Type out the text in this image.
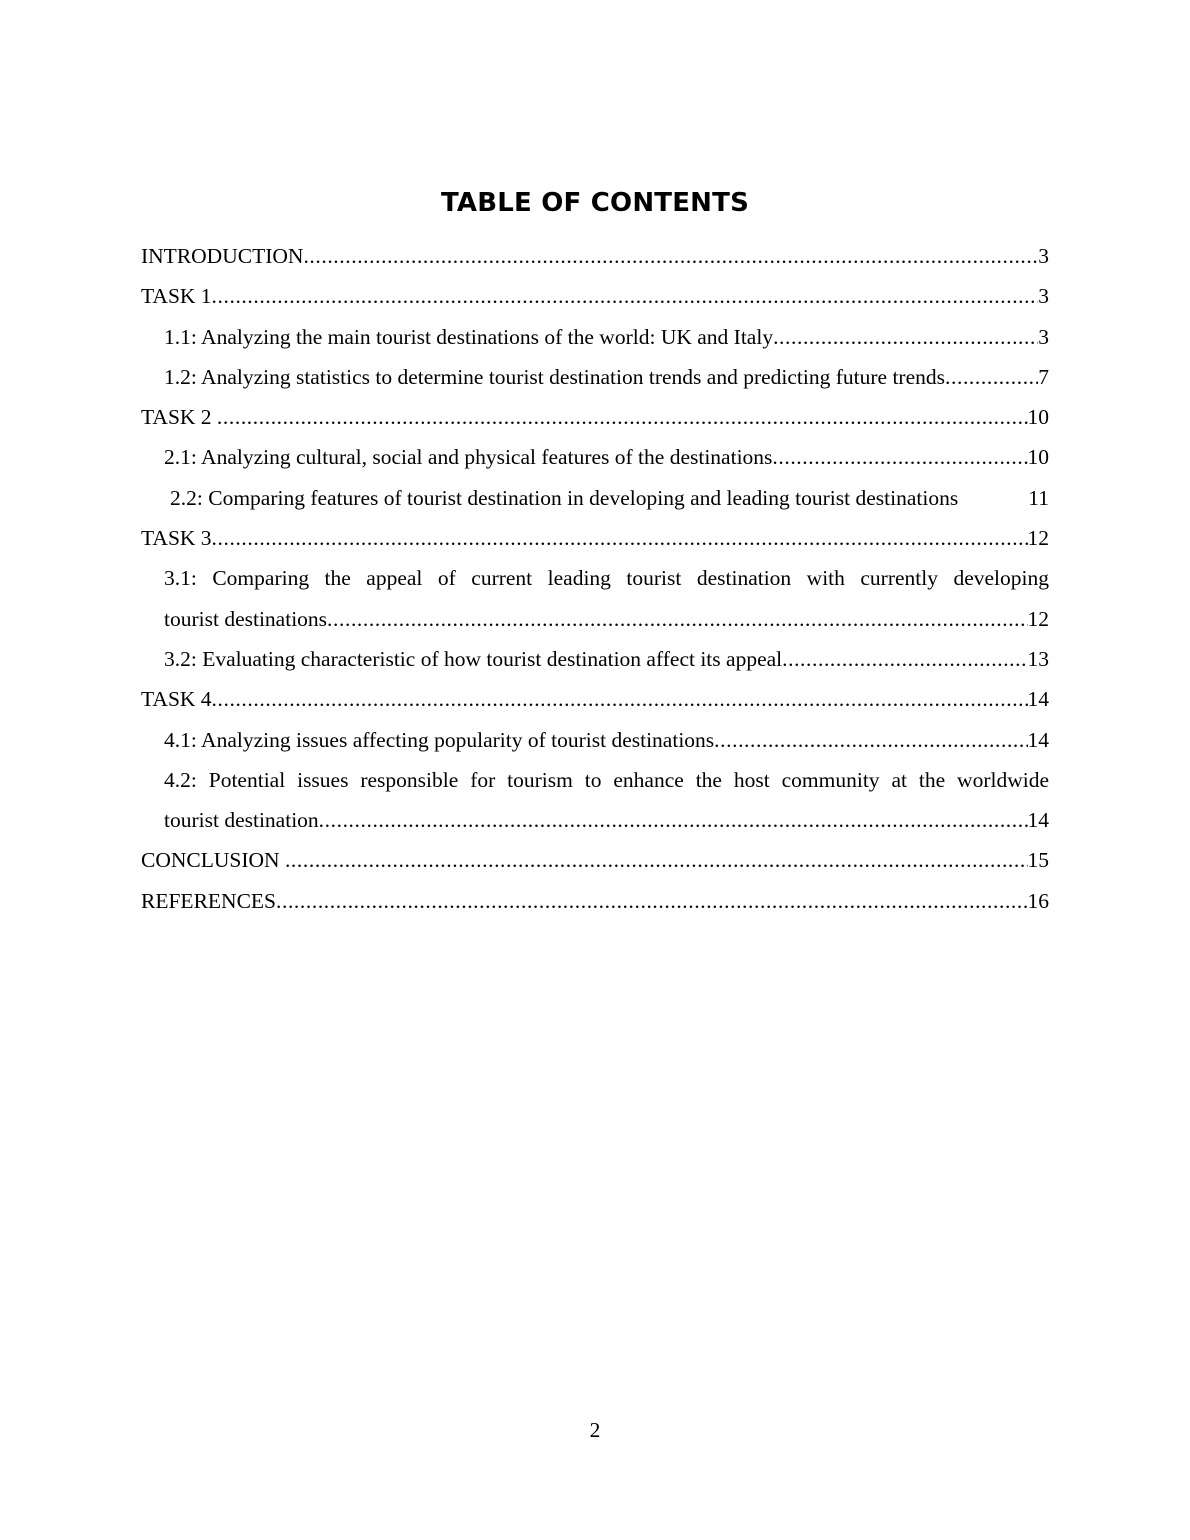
TABLE OF CONTENTS
INTRODUCTION .....	3
TASK 1 .....	3
1.1: Analyzing the main tourist destinations of the world: UK and Italy .....	3
1.2: Analyzing statistics to determine tourist destination trends and predicting future trends .....	7
TASK 2 .....	10
2.1: Analyzing cultural, social and physical features of the destinations .....	10
2.2: Comparing features of tourist destination in developing and leading tourist destinations	11
TASK 3 .....	12
3.1: Comparing the appeal of current leading tourist destination with currently developing
tourist destinations .....	12
3.2: Evaluating characteristic of how tourist destination affect its appeal .....	13
TASK 4 .....	14
4.1: Analyzing issues affecting popularity of tourist destinations .....	14
4.2: Potential issues responsible for tourism to enhance the host community at the worldwide
tourist destination .....	14
CONCLUSION .....	15
REFERENCES .....	16

2
